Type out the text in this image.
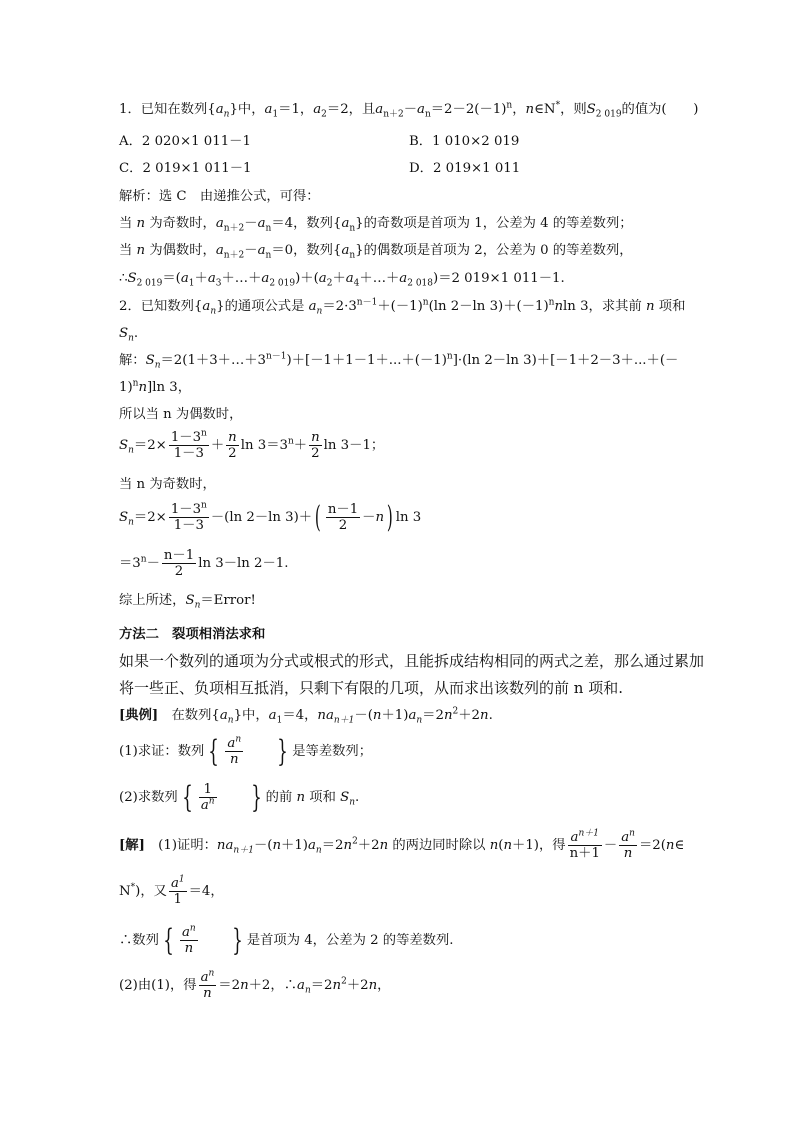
1．已知在数列$\{a_n\}$中，$a_1=1$，$a_2=2$，且$a_{n+2}-a_n=2-2(-1)^n$，n∈N*，则$S_{2 019}$的值为(　　)
A．2 020×1 011－1	B．1 010×2 019
C．2 019×1 011－1	D．2 019×1 011
解析：选 C　由递推公式，可得：
当 n 为奇数时，$a_{n+2}-a_n=4$，数列$\{a_n\}$的奇数项是首项为 1，公差为 4 的等差数列；
当 n 为偶数时，$a_{n+2}-a_n=0$，数列$\{a_n\}$的偶数项是首项为 2，公差为 0 的等差数列，
$\therefore S_{2 019}=(a_1+a_3+\dots+a_{2 019})+(a_2+a_4+\dots+a_{2 018})=2$ 019×1 011－1.
2．已知数列$\{a_n\}$的通项公式是 $a_n=2\cdot 3^{n-1}+(-1)^n(\ln$ 2－ln $3)+(-1)^nnln$ 3，求其前 n 项和
$S_n$.
解：$S_n=2(1+3+\dots+3^{n-1})+[-1+1-1+...+(-1)^n]\cdot(\ln$ 2－ln 3)＋[－1＋2－3＋...＋(－
1)$^n$n]ln 3，
所以当 n 为偶数时，
$S_n=2\times \frac{1-3^n}{1-3} + \frac{n}{2}$ $\ln 3=3^n+ \frac{n}{2}$ ln 3－1；
当 n 为奇数时，
$S_n=2\times \frac{1-3^n}{1-3} -(\ln$ 2－ln $3)+( \frac{n-1}{2} -n)$ ln 3
$=3^n- \frac{n-1}{2}$ ln 3－ln 2－1.
综上所述，$S_n=Error$!
方法二　裂项相消法求和
如果一个数列的通项为分式或根式的形式，且能拆成结构相同的两式之差，那么通过累加
将一些正、负项相互抵消，只剩下有限的几项，从而求出该数列的前 n 项和.
[典例]　在数列$\{a_n\}$中，$a_1=4$，$na_{n+1}-(n+1)a_n=2n^2+2n$.
(1)求证：数列 { $\frac{a^n}{n}$ } 是等差数列；
(2)求数列 { $\frac{1}{a^n}$ } 的前 n 项和 $S_n$.
[解]　(1)证明：$na_{n+1}-(n+1)a_n=2n^2+2n$ 的两边同时除以 n(n＋1)，得 $\frac{a^{n+1}}{n+1} - \frac{a^n}{n}$ ＝2(n∈
N*)，又 $\frac{a^1}{1} =4$，
∴数列 { $\frac{a^n}{n}$ } 是首项为 4，公差为 2 的等差数列.
(2)由(1)，得 $\frac{a^n}{n} =2n+2$，$\therefore a_n=2n^2+2n$，
